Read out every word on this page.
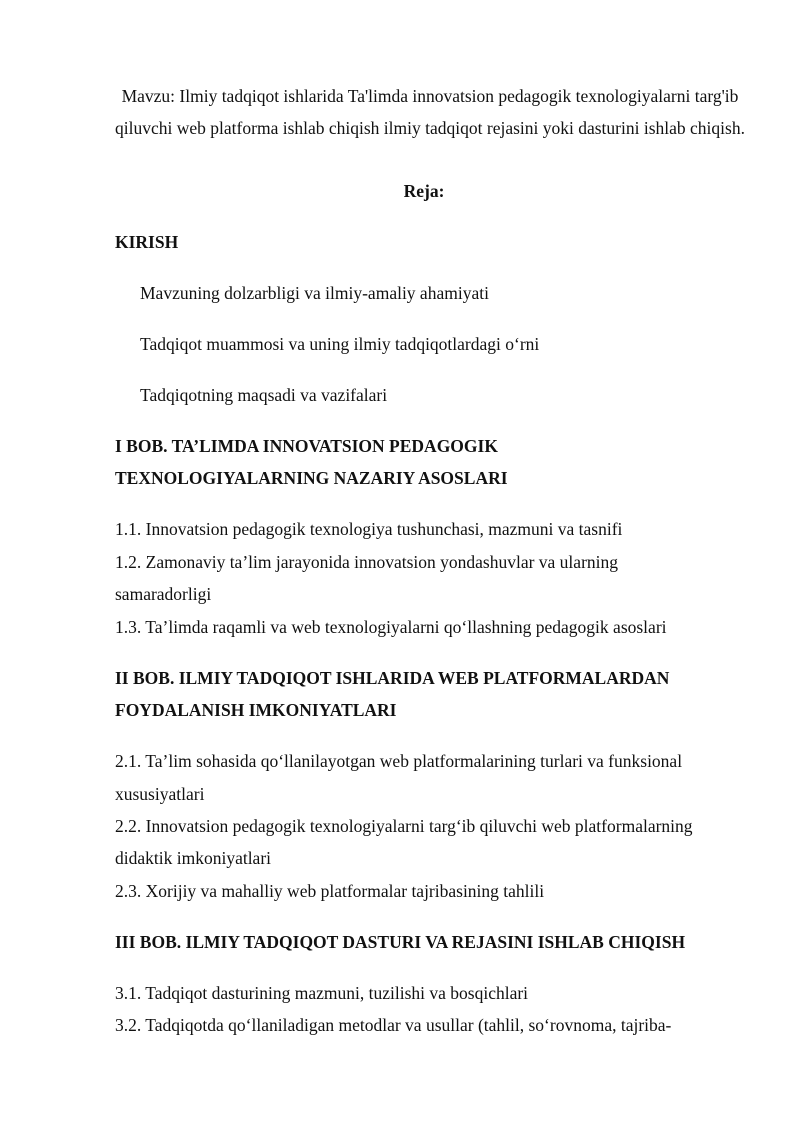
Mavzu: Ilmiy tadqiqot ishlarida Ta'limda innovatsion pedagogik texnologiyalarni targ'ib qiluvchi web platforma ishlab chiqish ilmiy tadqiqot rejasini yoki dasturini ishlab chiqish.
Reja:
KIRISH
Mavzuning dolzarbligi va ilmiy-amaliy ahamiyati
Tadqiqot muammosi va uning ilmiy tadqiqotlardagi o‘rni
Tadqiqotning maqsadi va vazifalari
I BOB. TA’LIMDA INNOVATSION PEDAGOGIK
TEXNOLOGIYALARNING NAZARIY ASOSLARI
1.1. Innovatsion pedagogik texnologiya tushunchasi, mazmuni va tasnifi
1.2. Zamonaviy ta’lim jarayonida innovatsion yondashuvlar va ularning
samaradorligi
1.3. Ta’limda raqamli va web texnologiyalarni qo‘llashning pedagogik asoslari
II BOB. ILMIY TADQIQOT ISHLARIDA WEB PLATFORMALARDAN
FOYDALANISH IMKONIYATLARI
2.1. Ta’lim sohasida qo‘llanilayotgan web platformalarining turlari va funksional
xususiyatlari
2.2. Innovatsion pedagogik texnologiyalarni targ‘ib qiluvchi web platformalarning
didaktik imkoniyatlari
2.3. Xorijiy va mahalliy web platformalar tajribasining tahlili
III BOB. ILMIY TADQIQOT DASTURI VA REJASINI ISHLAB CHIQISH
3.1. Tadqiqot dasturining mazmuni, tuzilishi va bosqichlari
3.2. Tadqiqotda qo‘llaniladigan metodlar va usullar (tahlil, so‘rovnoma, tajriba-
